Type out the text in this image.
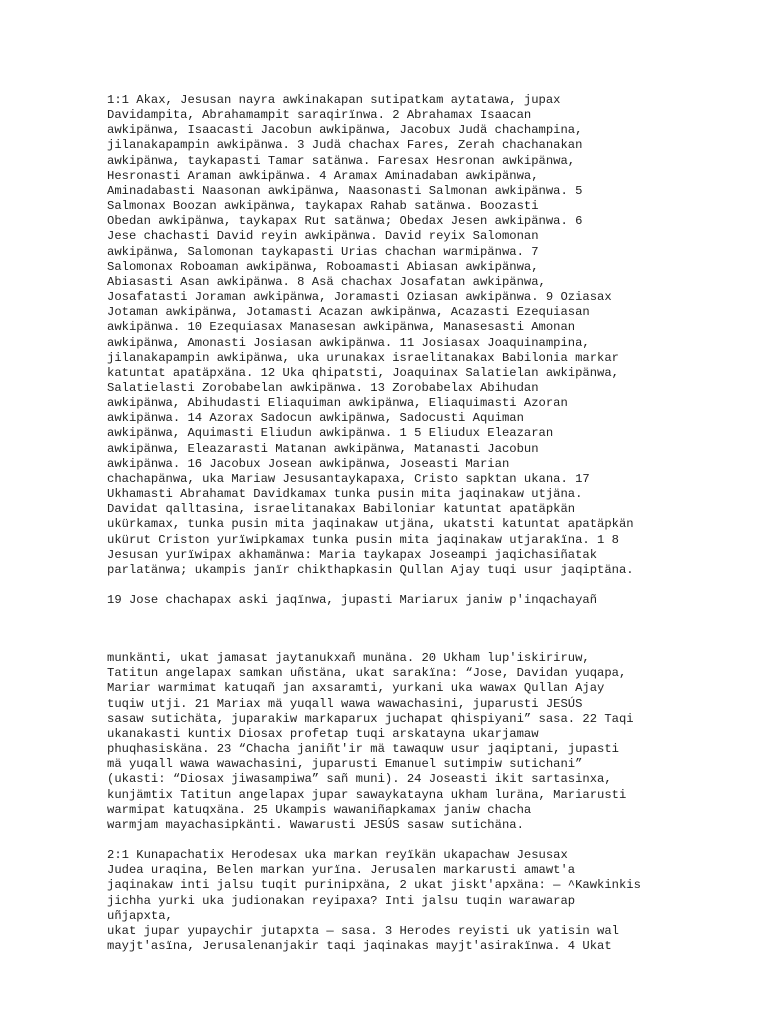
1:1 Akax, Jesusan nayra awkinakapan sutipatkam aytatawa, jupax
Davidampita, Abrahamampit saraqirïnwa. 2 Abrahamax Isaacan
awkipänwa, Isaacasti Jacobun awkipänwa, Jacobux Judä chachampina,
jilanakapampin awkipänwa. 3 Judä chachax Fares, Zerah chachanakan
awkipänwa, taykapasti Tamar satänwa. Faresax Hesronan awkipänwa,
Hesronasti Araman awkipänwa. 4 Aramax Aminadaban awkipänwa,
Aminadabasti Naasonan awkipänwa, Naasonasti Salmonan awkipänwa. 5
Salmonax Boozan awkipänwa, taykapax Rahab satänwa. Boozasti
Obedan awkipänwa, taykapax Rut satänwa; Obedax Jesen awkipänwa. 6
Jese chachasti David reyin awkipänwa. David reyix Salomonan
awkipänwa, Salomonan taykapasti Urias chachan warmipänwa. 7
Salomonax Roboaman awkipänwa, Roboamasti Abiasan awkipänwa,
Abiasasti Asan awkipänwa. 8 Asä chachax Josafatan awkipänwa,
Josafatasti Joraman awkipänwa, Joramasti Oziasan awkipänwa. 9 Oziasax
Jotaman awkipänwa, Jotamasti Acazan awkipänwa, Acazasti Ezequiasan
awkipänwa. 10 Ezequiasax Manasesan awkipänwa, Manasesasti Amonan
awkipänwa, Amonasti Josiasan awkipänwa. 11 Josiasax Joaquinampina,
jilanakapampin awkipänwa, uka urunakax israelitanakax Babilonia markar
katuntat apatäpxäna. 12 Uka qhipatsti, Joaquinax Salatielan awkipänwa,
Salatielasti Zorobabelan awkipänwa. 13 Zorobabelax Abihudan
awkipänwa, Abihudasti Eliaquiman awkipänwa, Eliaquimasti Azoran
awkipänwa. 14 Azorax Sadocun awkipänwa, Sadocusti Aquiman
awkipänwa, Aquimasti Eliudun awkipänwa. 1 5 Eliudux Eleazaran
awkipänwa, Eleazarasti Matanan awkipänwa, Matanasti Jacobun
awkipänwa. 16 Jacobux Josean awkipänwa, Joseasti Marian
chachapänwa, uka Mariaw Jesusantaykapaxa, Cristo sapktan ukana. 17
Ukhamasti Abrahamat Davidkamax tunka pusin mita jaqinakaw utjäna.
Davidat qalltasina, israelitanakax Babiloniar katuntat apatäpkän
ukürkamax, tunka pusin mita jaqinakaw utjäna, ukatsti katuntat apatäpkän
ukürut Criston yurïwipkamax tunka pusin mita jaqinakaw utjarakïna. 1 8
Jesusan yurïwipax akhamänwa: Maria taykapax Joseampi jaqichasiñatak
parlatänwa; ukampis janïr chikthapkasin Qullan Ajay tuqi usur jaqiptäna.

19 Jose chachapax aski jaqïnwa, jupasti Mariarux janiw p'inqachayañ

munkänti, ukat jamasat jaytanukxañ munäna. 20 Ukham lup'iskiriruw,
Tatitun angelapax samkan uñstäna, ukat sarakïna: “Jose, Davidan yuqapa,
Mariar warmimat katuqañ jan axsaramti, yurkani uka wawax Qullan Ajay
tuqiw utji. 21 Mariax mä yuqall wawa wawachasini, juparusti JESÚS
sasaw sutichäta, juparakiw markaparux juchapat qhispiyani” sasa. 22 Taqi
ukanakasti kuntix Diosax profetap tuqi arskatayna ukarjamaw
phuqhasiskäna. 23 “Chacha janiñt'ir mä tawaquw usur jaqiptani, jupasti
mä yuqall wawa wawachasini, juparusti Emanuel sutimpiw sutichani”
(ukasti: “Diosax jiwasampiwa” sañ muni). 24 Joseasti ikit sartasinxa,
kunjämtix Tatitun angelapax jupar sawaykatayna ukham luräna, Mariarusti
warmipat katuqxäna. 25 Ukampis wawaniñapkamax janiw chacha
warmjam mayachasipkänti. Wawarusti JESÚS sasaw sutichäna.

2:1 Kunapachatix Herodesax uka markan reyïkän ukapachaw Jesusax
Judea uraqina, Belen markan yurïna. Jerusalen markarusti amawt'a
jaqinakaw inti jalsu tuqit purinipxäna, 2 ukat jiskt'apxäna: — ^Kawkinkis
jichha yurki uka judionakan reyipaxa? Inti jalsu tuqin warawarap
uñjapxta,
ukat jupar yupaychir jutapxta — sasa. 3 Herodes reyisti uk yatisin wal
mayjt'asïna, Jerusalenanjakir taqi jaqinakas mayjt'asirakïnwa. 4 Ukat
